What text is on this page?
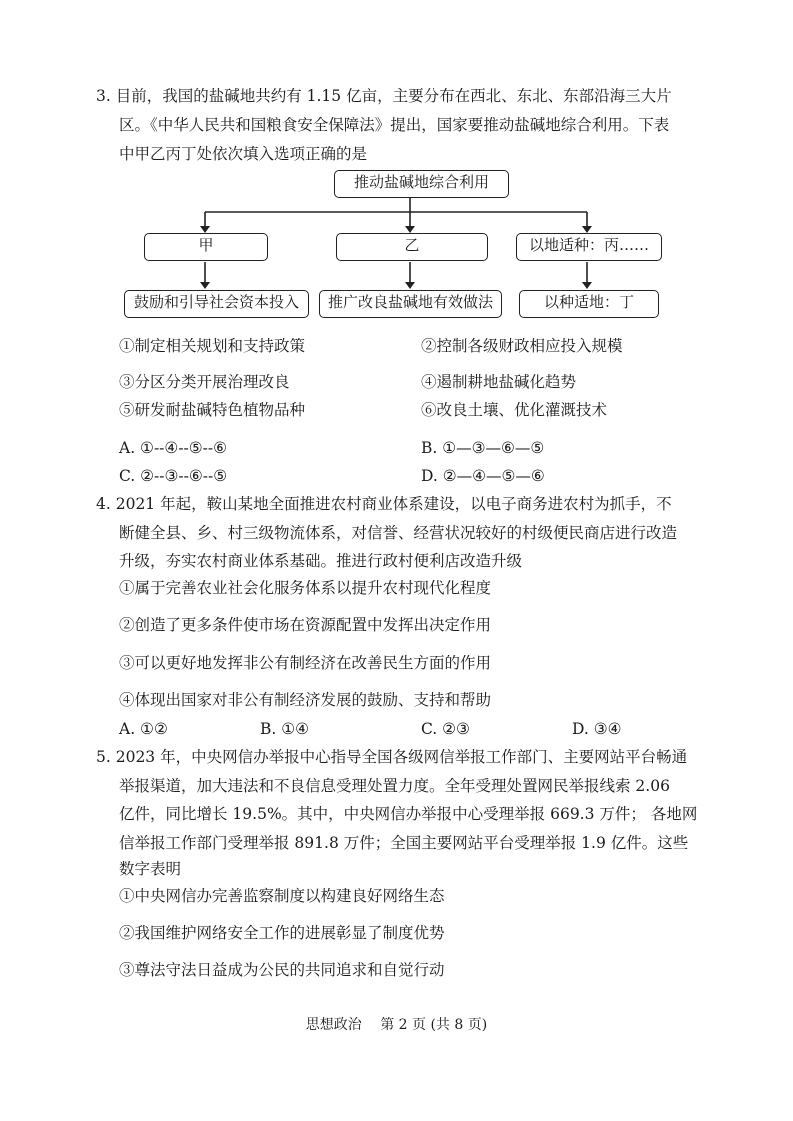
3. 目前，我国的盐碱地共约有 1.15 亿亩，主要分布在西北、东北、东部沿海三大片
区。《中华人民共和国粮食安全保障法》提出，国家要推动盐碱地综合利用。下表
中甲乙丙丁处依次填入选项正确的是
推动盐碱地综合利用
甲	乙	以地适种：丙……
鼓励和引导社会资本投入	推广改良盐碱地有效做法	以种适地：丁
①制定相关规划和支持政策	②控制各级财政相应投入规模
③分区分类开展治理改良	④遏制耕地盐碱化趋势
⑤研发耐盐碱特色植物品种	⑥改良土壤、优化灌溉技术
A. ①--④--⑤--⑥	B. ①—③—⑥—⑤
C. ②--③--⑥--⑤	D. ②—④—⑤—⑥
4. 2021 年起，鞍山某地全面推进农村商业体系建设，以电子商务进农村为抓手，不
断健全县、乡、村三级物流体系，对信誉、经营状况较好的村级便民商店进行改造
升级，夯实农村商业体系基础。推进行政村便利店改造升级
①属于完善农业社会化服务体系以提升农村现代化程度
②创造了更多条件使市场在资源配置中发挥出决定作用
③可以更好地发挥非公有制经济在改善民生方面的作用
④体现出国家对非公有制经济发展的鼓励、支持和帮助
A. ①②	B. ①④	C. ②③	D. ③④
5. 2023 年，中央网信办举报中心指导全国各级网信举报工作部门、主要网站平台畅通
举报渠道，加大违法和不良信息受理处置力度。全年受理处置网民举报线索 2.06
亿件，同比增长 19.5%。其中，中央网信办举报中心受理举报 669.3 万件； 各地网
信举报工作部门受理举报 891.8 万件；全国主要网站平台受理举报 1.9 亿件。这些
数字表明
①中央网信办完善监察制度以构建良好网络生态
②我国维护网络安全工作的进展彰显了制度优势
③尊法守法日益成为公民的共同追求和自觉行动
思想政治　 第 2 页 (共 8 页)
